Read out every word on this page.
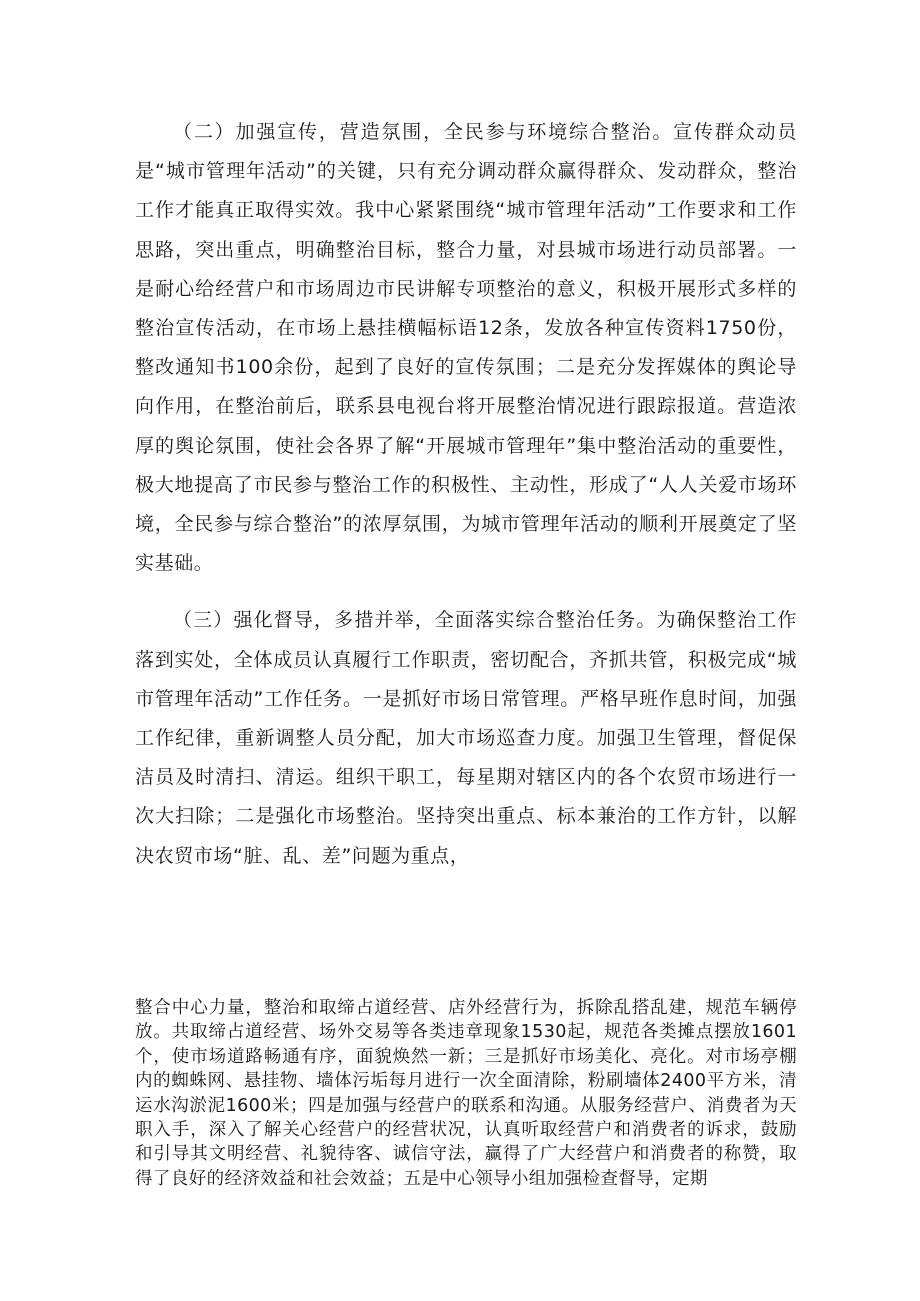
（二）加强宣传，营造氛围，全民参与环境综合整治。宣传群众动员是“城市管理年活动”的关键，只有充分调动群众赢得群众、发动群众，整治工作才能真正取得实效。我中心紧紧围绕“城市管理年活动”工作要求和工作思路，突出重点，明确整治目标，整合力量，对县城市场进行动员部署。一是耐心给经营户和市场周边市民讲解专项整治的意义，积极开展形式多样的整治宣传活动，在市场上悬挂横幅标语12条，发放各种宣传资料1750份，整改通知书100余份，起到了良好的宣传氛围；二是充分发挥媒体的舆论导向作用，在整治前后，联系县电视台将开展整治情况进行跟踪报道。营造浓厚的舆论氛围，使社会各界了解“开展城市管理年”集中整治活动的重要性，极大地提高了市民参与整治工作的积极性、主动性，形成了“人人关爱市场环境，全民参与综合整治”的浓厚氛围，为城市管理年活动的顺利开展奠定了坚实基础。

（三）强化督导，多措并举，全面落实综合整治任务。为确保整治工作落到实处，全体成员认真履行工作职责，密切配合，齐抓共管，积极完成“城市管理年活动”工作任务。一是抓好市场日常管理。严格早班作息时间，加强工作纪律，重新调整人员分配，加大市场巡查力度。加强卫生管理，督促保洁员及时清扫、清运。组织干职工，每星期对辖区内的各个农贸市场进行一次大扫除；二是强化市场整治。坚持突出重点、标本兼治的工作方针，以解决农贸市场“脏、乱、差”问题为重点，

整合中心力量，整治和取缔占道经营、店外经营行为，拆除乱搭乱建，规范车辆停放。共取缔占道经营、场外交易等各类违章现象1530起，规范各类摊点摆放1601个，使市场道路畅通有序，面貌焕然一新；三是抓好市场美化、亮化。对市场亭棚内的蜘蛛网、悬挂物、墙体污垢每月进行一次全面清除，粉刷墙体2400平方米，清运水沟淤泥1600米；四是加强与经营户的联系和沟通。从服务经营户、消费者为天职入手，深入了解关心经营户的经营状况，认真听取经营户和消费者的诉求，鼓励和引导其文明经营、礼貌待客、诚信守法，赢得了广大经营户和消费者的称赞，取得了良好的经济效益和社会效益；五是中心领导小组加强检查督导，定期
